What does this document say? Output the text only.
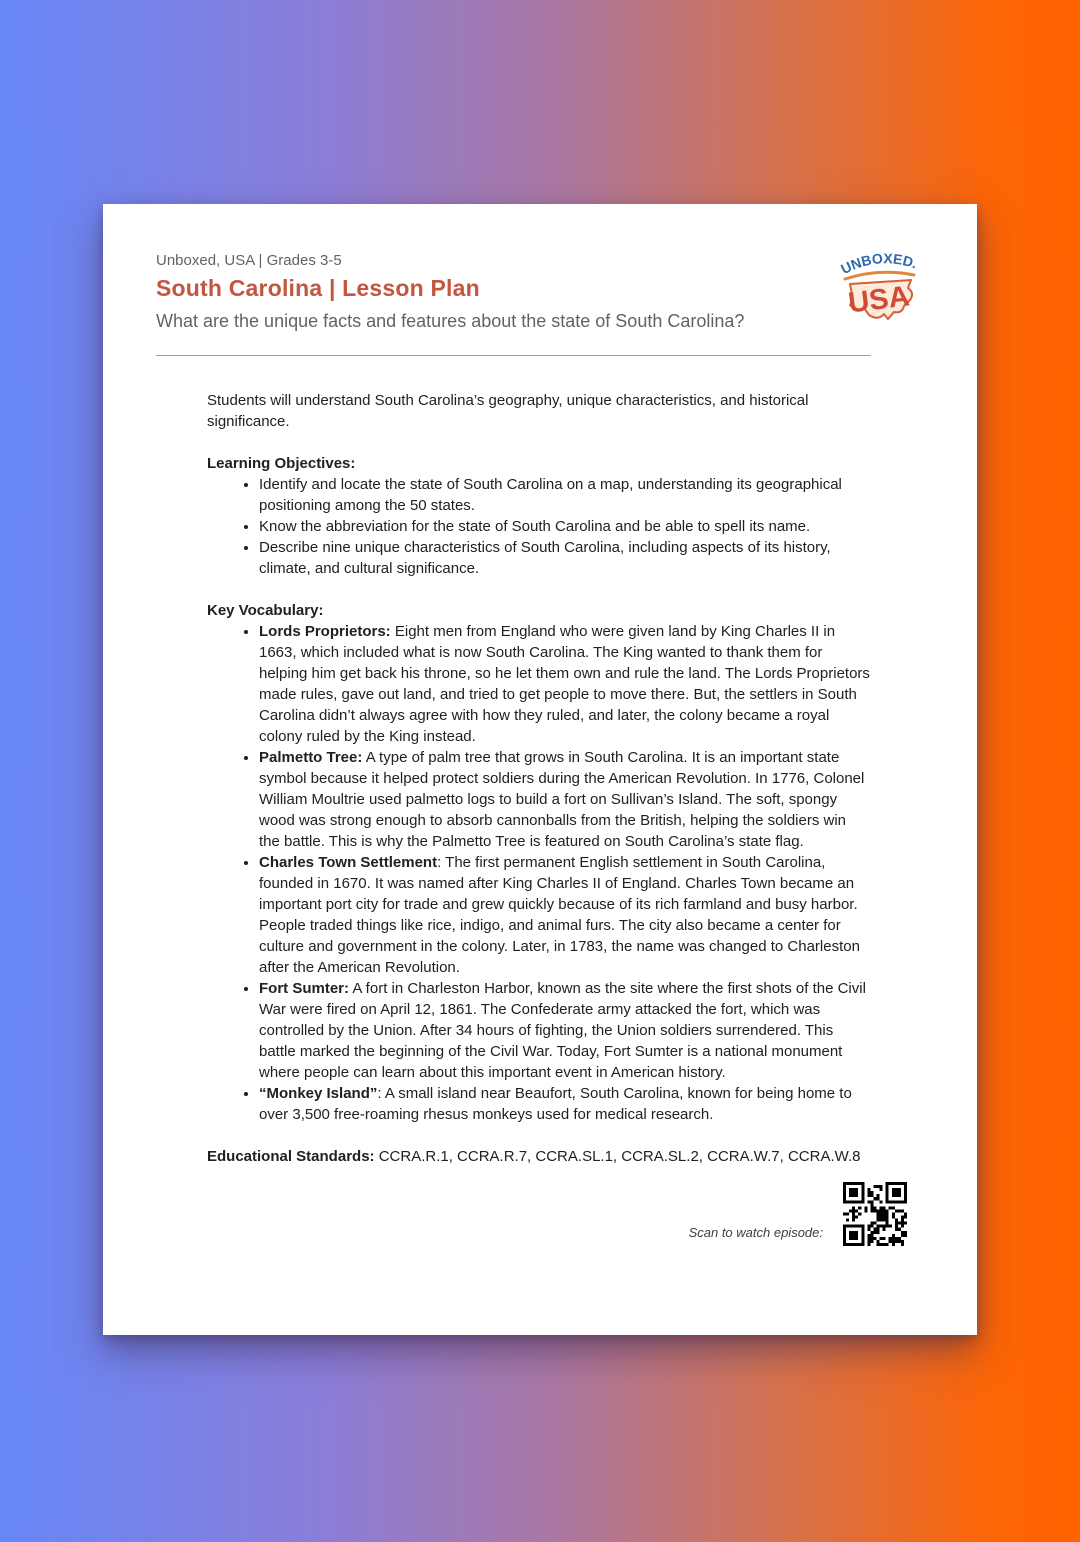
Unboxed, USA | Grades 3-5
South Carolina | Lesson Plan
What are the unique facts and features about the state of South Carolina?
UNBOXED.
USA

Students will understand South Carolina’s geography, unique characteristics, and historical significance.

Learning Objectives:

• Identify and locate the state of South Carolina on a map, understanding its geographical positioning among the 50 states.
• Know the abbreviation for the state of South Carolina and be able to spell its name.
• Describe nine unique characteristics of South Carolina, including aspects of its history, climate, and cultural significance.

Key Vocabulary:

• Lords Proprietors: Eight men from England who were given land by King Charles II in 1663, which included what is now South Carolina. The King wanted to thank them for helping him get back his throne, so he let them own and rule the land. The Lords Proprietors made rules, gave out land, and tried to get people to move there. But, the settlers in South Carolina didn’t always agree with how they ruled, and later, the colony became a royal colony ruled by the King instead.
• Palmetto Tree: A type of palm tree that grows in South Carolina. It is an important state symbol because it helped protect soldiers during the American Revolution. In 1776, Colonel William Moultrie used palmetto logs to build a fort on Sullivan’s Island. The soft, spongy wood was strong enough to absorb cannonballs from the British, helping the soldiers win the battle. This is why the Palmetto Tree is featured on South Carolina’s state flag.
• Charles Town Settlement: The first permanent English settlement in South Carolina, founded in 1670. It was named after King Charles II of England. Charles Town became an important port city for trade and grew quickly because of its rich farmland and busy harbor. People traded things like rice, indigo, and animal furs. The city also became a center for culture and government in the colony. Later, in 1783, the name was changed to Charleston after the American Revolution.
• Fort Sumter: A fort in Charleston Harbor, known as the site where the first shots of the Civil War were fired on April 12, 1861. The Confederate army attacked the fort, which was controlled by the Union. After 34 hours of fighting, the Union soldiers surrendered. This battle marked the beginning of the Civil War. Today, Fort Sumter is a national monument where people can learn about this important event in American history.
• “Monkey Island”: A small island near Beaufort, South Carolina, known for being home to over 3,500 free-roaming rhesus monkeys used for medical research.

Educational Standards: CCRA.R.1, CCRA.R.7, CCRA.SL.1, CCRA.SL.2, CCRA.W.7, CCRA.W.8

Scan to watch episode:
